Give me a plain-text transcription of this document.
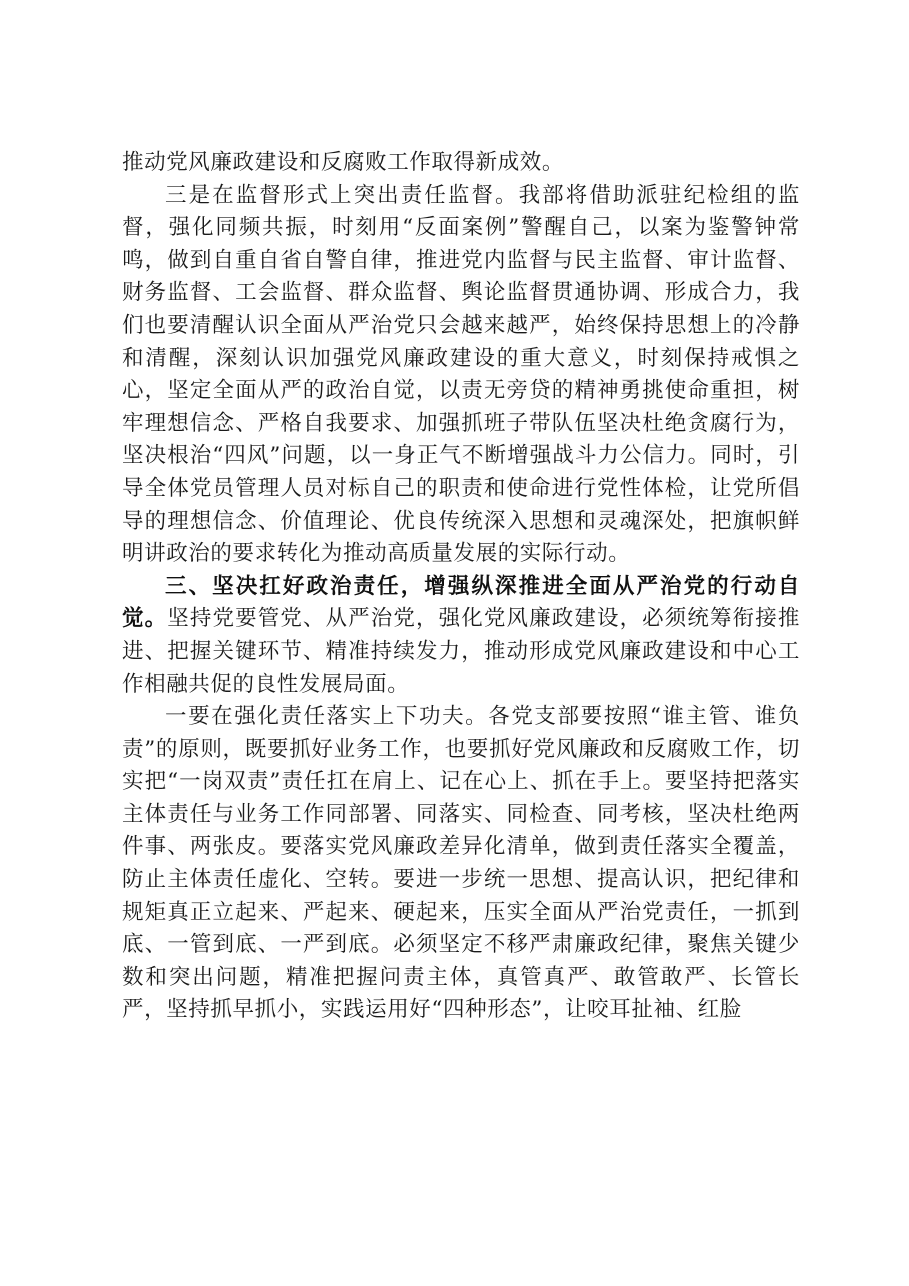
推动党风廉政建设和反腐败工作取得新成效。

三是在监督形式上突出责任监督。我部将借助派驻纪检组的监督，强化同频共振，时刻用“反面案例”警醒自己，以案为鉴警钟常鸣，做到自重自省自警自律，推进党内监督与民主监督、审计监督、财务监督、工会监督、群众监督、舆论监督贯通协调、形成合力，我们也要清醒认识全面从严治党只会越来越严，始终保持思想上的冷静和清醒，深刻认识加强党风廉政建设的重大意义，时刻保持戒惧之心，坚定全面从严的政治自觉，以责无旁贷的精神勇挑使命重担，树牢理想信念、严格自我要求、加强抓班子带队伍坚决杜绝贪腐行为，坚决根治“四风”问题，以一身正气不断增强战斗力公信力。同时，引导全体党员管理人员对标自己的职责和使命进行党性体检，让党所倡导的理想信念、价值理论、优良传统深入思想和灵魂深处，把旗帜鲜明讲政治的要求转化为推动高质量发展的实际行动。

三、坚决扛好政治责任，增强纵深推进全面从严治党的行动自觉。坚持党要管党、从严治党，强化党风廉政建设，必须统筹衔接推进、把握关键环节、精准持续发力，推动形成党风廉政建设和中心工作相融共促的良性发展局面。

一要在强化责任落实上下功夫。各党支部要按照“谁主管、谁负责”的原则，既要抓好业务工作，也要抓好党风廉政和反腐败工作，切实把“一岗双责”责任扛在肩上、记在心上、抓在手上。要坚持把落实主体责任与业务工作同部署、同落实、同检查、同考核，坚决杜绝两件事、两张皮。要落实党风廉政差异化清单，做到责任落实全覆盖，防止主体责任虚化、空转。要进一步统一思想、提高认识，把纪律和规矩真正立起来、严起来、硬起来，压实全面从严治党责任，一抓到底、一管到底、一严到底。必须坚定不移严肃廉政纪律，聚焦关键少数和突出问题，精准把握问责主体，真管真严、敢管敢严、长管长严，坚持抓早抓小，实践运用好“四种形态”，让咬耳扯袖、红脸
